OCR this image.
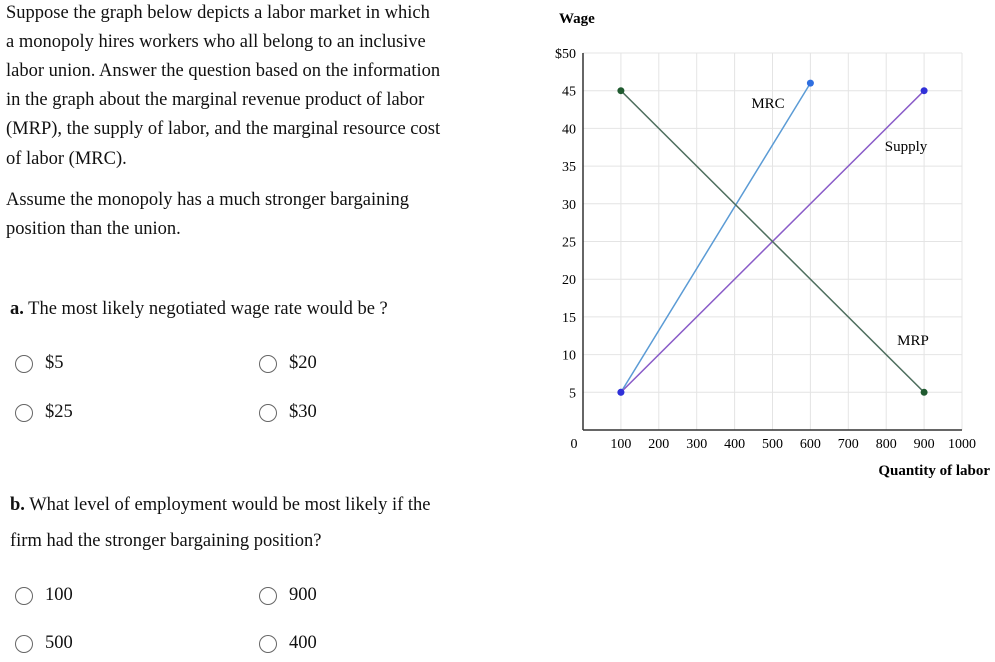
Suppose the graph below depicts a labor market in which
a monopoly hires workers who all belong to an inclusive
labor union. Answer the question based on the information
in the graph about the marginal revenue product of labor
(MRP), the supply of labor, and the marginal resource cost
of labor (MRC).
Assume the monopoly has a much stronger bargaining
position than the union.
a. The most likely negotiated wage rate would be ?
$5	$20
$25	$30
b. What level of employment would be most likely if the
firm had the stronger bargaining position?
100	900
500	400
0 100 200 300 400 500 600 700 800 900 1000
5
10
15
20
25
30
35
40
45
$50
Wage
Quantity of labor
MRC
Supply
MRP
